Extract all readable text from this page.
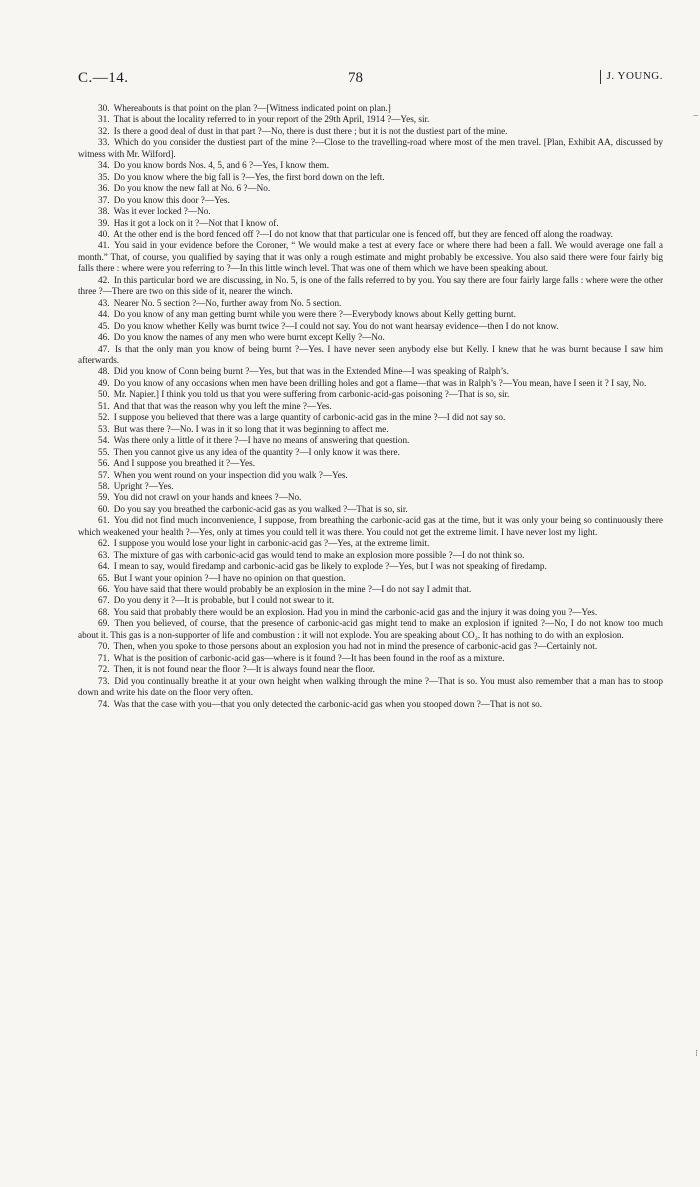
C.—14.	78	J. YOUNG.

30. Whereabouts is that point on the plan ?—[Witness indicated point on plan.]

31. That is about the locality referred to in your report of the 29th April, 1914 ?—Yes, sir.

32. Is there a good deal of dust in that part ?—No, there is dust there ; but it is not the dustiest part of the mine.

33. Which do you consider the dustiest part of the mine ?—Close to the travelling-road where most of the men travel. [Plan, Exhibit AA, discussed by witness with Mr. Wilford].

34. Do you know bords Nos. 4, 5, and 6 ?—Yes, I know them.

35. Do you know where the big fall is ?—Yes, the first bord down on the left.

36. Do you know the new fall at No. 6 ?—No.

37. Do you know this door ?—Yes.

38. Was it ever locked ?—No.

39. Has it got a lock on it ?—Not that I know of.

40. At the other end is the bord fenced off ?—I do not know that that particular one is fenced off, but they are fenced off along the roadway.

41. You said in your evidence before the Coroner, “ We would make a test at every face or where there had been a fall. We would average one fall a month.” That, of course, you qualified by saying that it was only a rough estimate and might probably be excessive. You also said there were four fairly big falls there : where were you referring to ?—In this little winch level. That was one of them which we have been speaking about.

42. In this particular bord we are discussing, in No. 5, is one of the falls referred to by you. You say there are four fairly large falls : where were the other three ?—There are two on this side of it, nearer the winch.

43. Nearer No. 5 section ?—No, further away from No. 5 section.

44. Do you know of any man getting burnt while you were there ?—Everybody knows about Kelly getting burnt.

45. Do you know whether Kelly was burnt twice ?—I could not say. You do not want hearsay evidence—then I do not know.

46. Do you know the names of any men who were burnt except Kelly ?—No.

47. Is that the only man you know of being burnt ?—Yes. I have never seen anybody else but Kelly. I knew that he was burnt because I saw him afterwards.

48. Did you know of Conn being burnt ?—Yes, but that was in the Extended Mine—I was speaking of Ralph’s.

49. Do you know of any occasions when men have been drilling holes and got a flame—that was in Ralph’s ?—You mean, have I seen it ? I say, No.

50. Mr. Napier.] I think you told us that you were suffering from carbonic-acid-gas poisoning ?—That is so, sir.

51. And that that was the reason why you left the mine ?—Yes.

52. I suppose you believed that there was a large quantity of carbonic-acid gas in the mine ?—I did not say so.

53. But was there ?—No. I was in it so long that it was beginning to affect me.

54. Was there only a little of it there ?—I have no means of answering that question.

55. Then you cannot give us any idea of the quantity ?—I only know it was there.

56. And I suppose you breathed it ?—Yes.

57. When you went round on your inspection did you walk ?—Yes.

58. Upright ?—Yes.

59. You did not crawl on your hands and knees ?—No.

60. Do you say you breathed the carbonic-acid gas as you walked ?—That is so, sir.

61. You did not find much inconvenience, I suppose, from breathing the carbonic-acid gas at the time, but it was only your being so continuously there which weakened your health ?—Yes, only at times you could tell it was there. You could not get the extreme limit. I have never lost my light.

62. I suppose you would lose your light in carbonic-acid gas ?—Yes, at the extreme limit.

63. The mixture of gas with carbonic-acid gas would tend to make an explosion more possible ?—I do not think so.

64. I mean to say, would firedamp and carbonic-acid gas be likely to explode ?—Yes, but I was not speaking of firedamp.

65. But I want your opinion ?—I have no opinion on that question.

66. You have said that there would probably be an explosion in the mine ?—I do not say I admit that.

67. Do you deny it ?—It is probable, but I could not swear to it.

68. You said that probably there would be an explosion. Had you in mind the carbonic-acid gas and the injury it was doing you ?—Yes.

69. Then you believed, of course, that the presence of carbonic-acid gas might tend to make an explosion if ignited ?—No, I do not know too much about it. This gas is a non-supporter of life and combustion : it will not explode. You are speaking about CO₂. It has nothing to do with an explosion.

70. Then, when you spoke to those persons about an explosion you had not in mind the presence of carbonic-acid gas ?—Certainly not.

71. What is the position of carbonic-acid gas—where is it found ?—It has been found in the roof as a mixture.

72. Then, it is not found near the floor ?—It is always found near the floor.

73. Did you continually breathe it at your own height when walking through the mine ?—That is so. You must also remember that a man has to stoop down and write his date on the floor very often.

74. Was that the case with you—that you only detected the carbonic-acid gas when you stooped down ?—That is not so.

–
⁝
